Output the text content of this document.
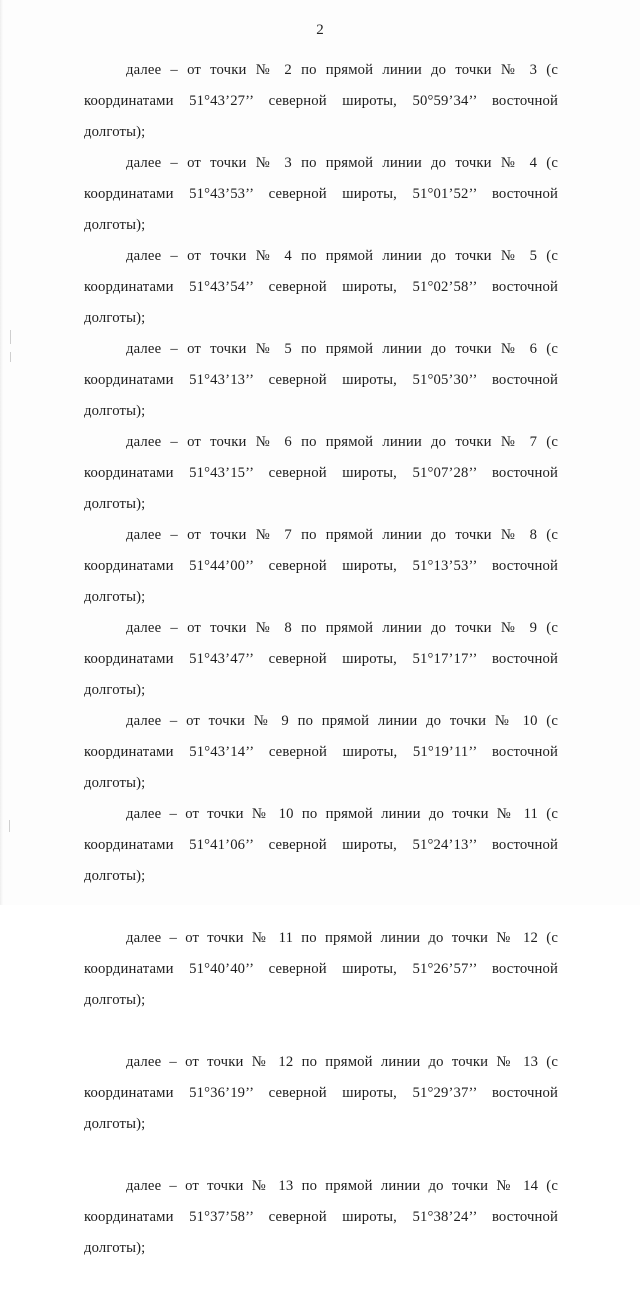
2

далее – от точки № 2 по прямой линии до точки № 3 (с координатами 51°43’27’’ северной широты, 50°59’34’’ восточной долготы);

далее – от точки № 3 по прямой линии до точки № 4 (с координатами 51°43’53’’ северной широты, 51°01’52’’ восточной долготы);

далее – от точки № 4 по прямой линии до точки № 5 (с координатами 51°43’54’’ северной широты, 51°02’58’’ восточной долготы);

далее – от точки № 5 по прямой линии до точки № 6 (с координатами 51°43’13’’ северной широты, 51°05’30’’ восточной долготы);

далее – от точки № 6 по прямой линии до точки № 7 (с координатами 51°43’15’’ северной широты, 51°07’28’’ восточной долготы);

далее – от точки № 7 по прямой линии до точки № 8 (с координатами 51°44’00’’ северной широты, 51°13’53’’ восточной долготы);

далее – от точки № 8 по прямой линии до точки № 9 (с координатами 51°43’47’’ северной широты, 51°17’17’’ восточной долготы);

далее – от точки № 9 по прямой линии до точки № 10 (с координатами 51°43’14’’ северной широты, 51°19’11’’ восточной долготы);

далее – от точки № 10 по прямой линии до точки № 11 (с координатами 51°41’06’’ северной широты, 51°24’13’’ восточной долготы);

далее – от точки № 11 по прямой линии до точки № 12 (с координатами 51°40’40’’ северной широты, 51°26’57’’ восточной долготы);

далее – от точки № 12 по прямой линии до точки № 13 (с координатами 51°36’19’’ северной широты, 51°29’37’’ восточной долготы);

далее – от точки № 13 по прямой линии до точки № 14 (с координатами 51°37’58’’ северной широты, 51°38’24’’ восточной долготы);
